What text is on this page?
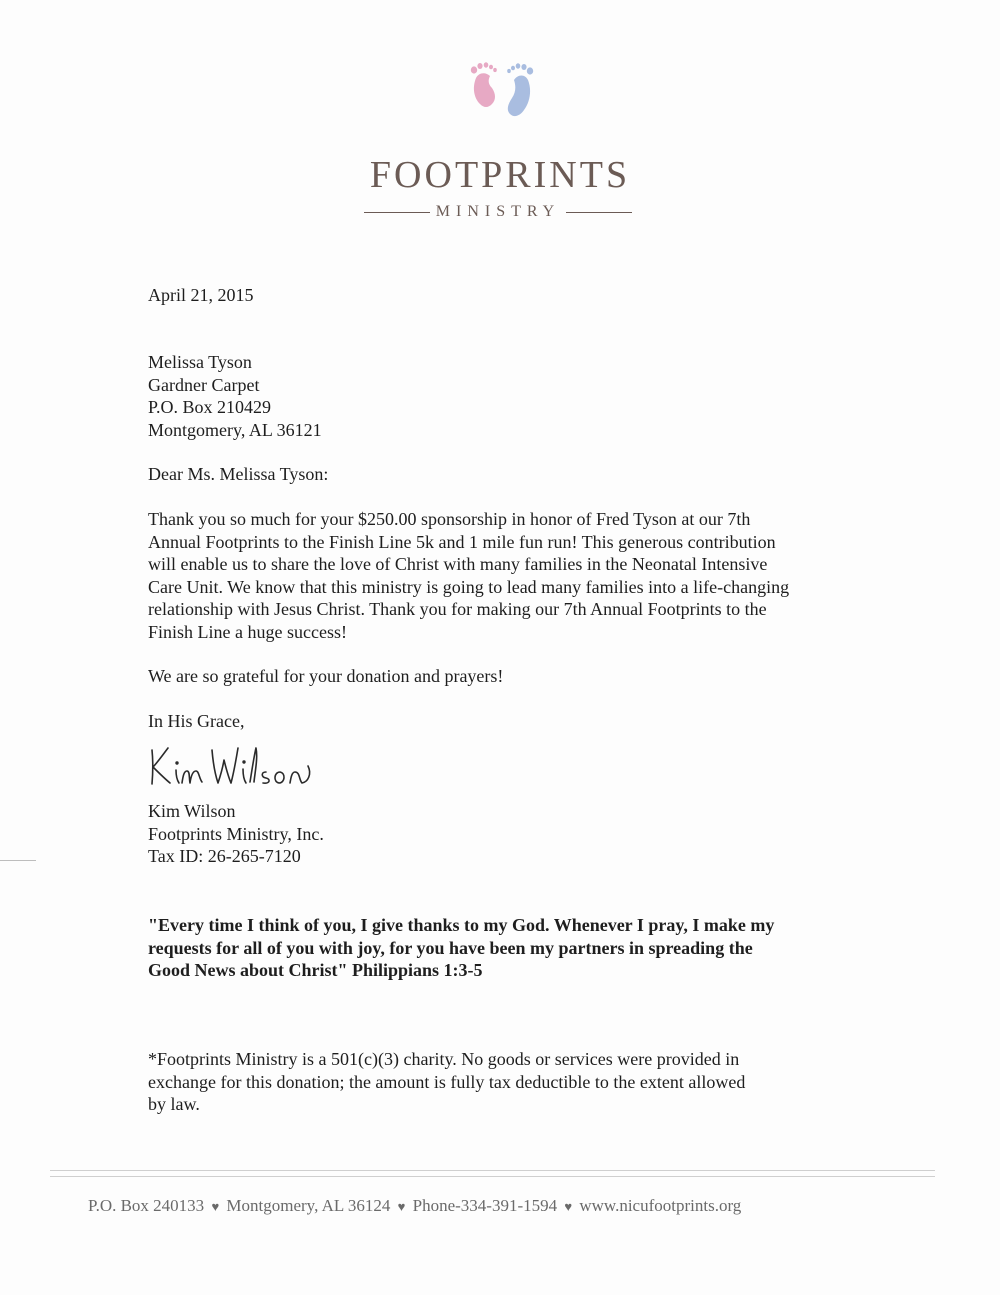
FOOTPRINTS
MINISTRY
April 21, 2015
Melissa Tyson
Gardner Carpet
P.O. Box 210429
Montgomery, AL 36121
Dear Ms. Melissa Tyson:
Thank you so much for your $250.00 sponsorship in honor of Fred Tyson at our 7th
Annual Footprints to the Finish Line 5k and 1 mile fun run! This generous contribution
will enable us to share the love of Christ with many families in the Neonatal Intensive
Care Unit. We know that this ministry is going to lead many families into a life-changing
relationship with Jesus Christ. Thank you for making our 7th Annual Footprints to the
Finish Line a huge success!
We are so grateful for your donation and prayers!
In His Grace,
Kim Wilson
Footprints Ministry, Inc.
Tax ID: 26-265-7120
"Every time I think of you, I give thanks to my God. Whenever I pray, I make my
requests for all of you with joy, for you have been my partners in spreading the
Good News about Christ" Philippians 1:3-5
*Footprints Ministry is a 501(c)(3) charity. No goods or services were provided in
exchange for this donation; the amount is fully tax deductible to the extent allowed
by law.
P.O. Box 240133 ♥ Montgomery, AL 36124 ♥ Phone-334-391-1594 ♥ www.nicufootprints.org
